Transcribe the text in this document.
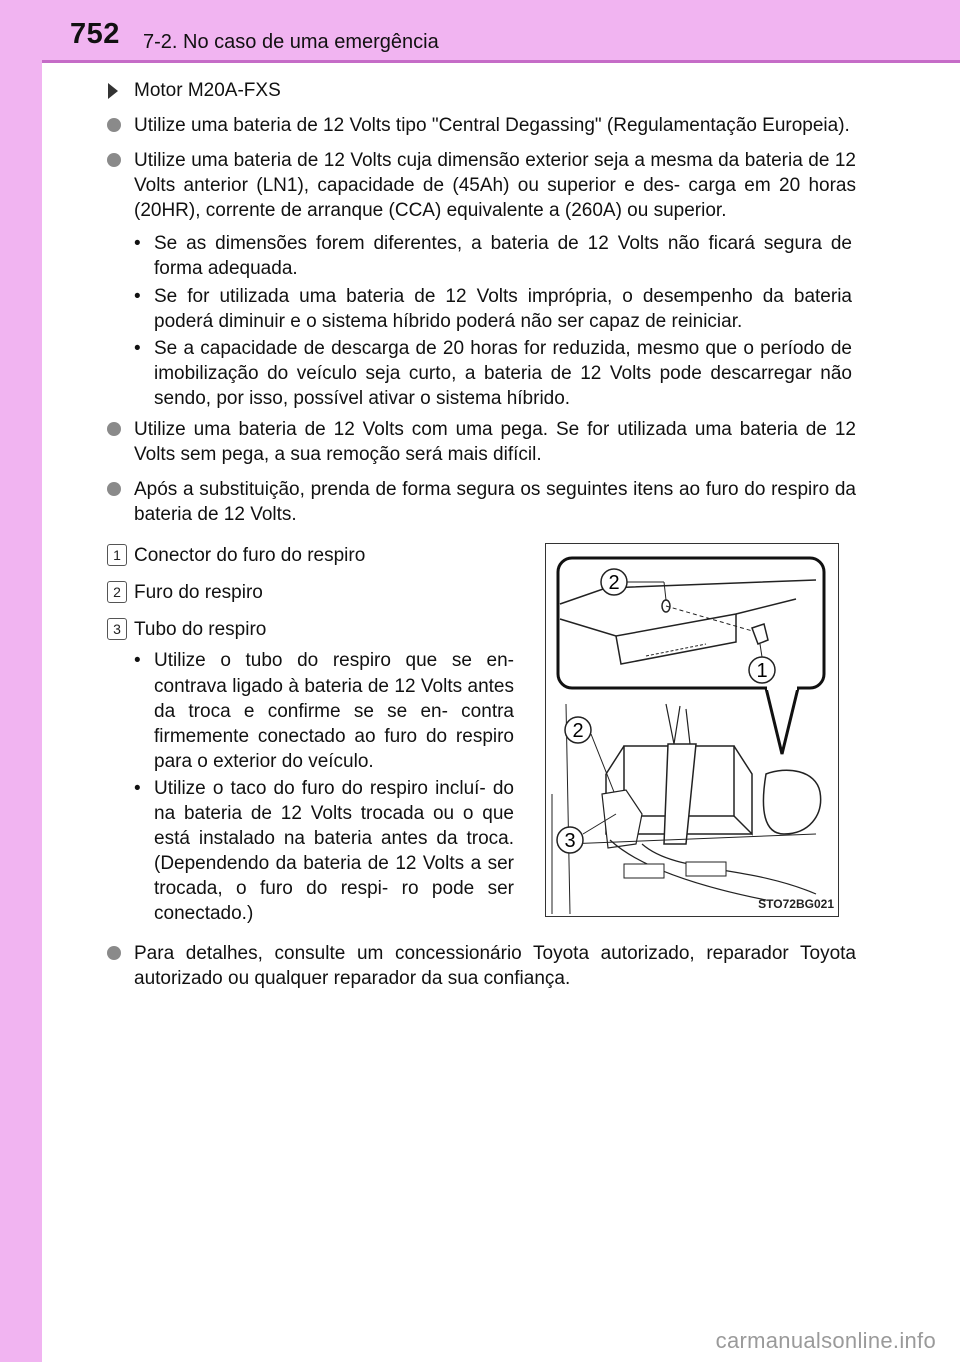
752 7-2. No caso de uma emergência
Motor M20A-FXS
Utilize uma bateria de 12 Volts tipo "Central Degassing" (Regulamentação Europeia).
Utilize uma bateria de 12 Volts cuja dimensão exterior seja a mesma da bateria de 12 Volts anterior (LN1), capacidade de (45Ah) ou superior e des- carga em 20 horas (20HR), corrente de arranque (CCA) equivalente a (260A) ou superior.
• Se as dimensões forem diferentes, a bateria de 12 Volts não ficará segura de forma adequada.
• Se for utilizada uma bateria de 12 Volts imprópria, o desempenho da bateria poderá diminuir e o sistema híbrido poderá não ser capaz de reiniciar.
• Se a capacidade de descarga de 20 horas for reduzida, mesmo que o período de imobilização do veículo seja curto, a bateria de 12 Volts pode descarregar não sendo, por isso, possível ativar o sistema híbrido.
Utilize uma bateria de 12 Volts com uma pega. Se for utilizada uma bateria de 12 Volts sem pega, a sua remoção será mais difícil.
Após a substituição, prenda de forma segura os seguintes itens ao furo do respiro da bateria de 12 Volts.
1 Conector do furo do respiro
2 Furo do respiro
3 Tubo do respiro
• Utilize o tubo do respiro que se en- contrava ligado à bateria de 12 Volts antes da troca e confirme se se en- contra firmemente conectado ao furo do respiro para o exterior do veículo.
• Utilize o taco do furo do respiro incluí- do na bateria de 12 Volts trocada ou o que está instalado na bateria antes da troca. (Dependendo da bateria de 12 Volts a ser trocada, o furo do respi- ro pode ser conectado.)
2
1
2
3
STO72BG021
Para detalhes, consulte um concessionário Toyota autorizado, reparador Toyota autorizado ou qualquer reparador da sua confiança.
carmanualsonline.info
